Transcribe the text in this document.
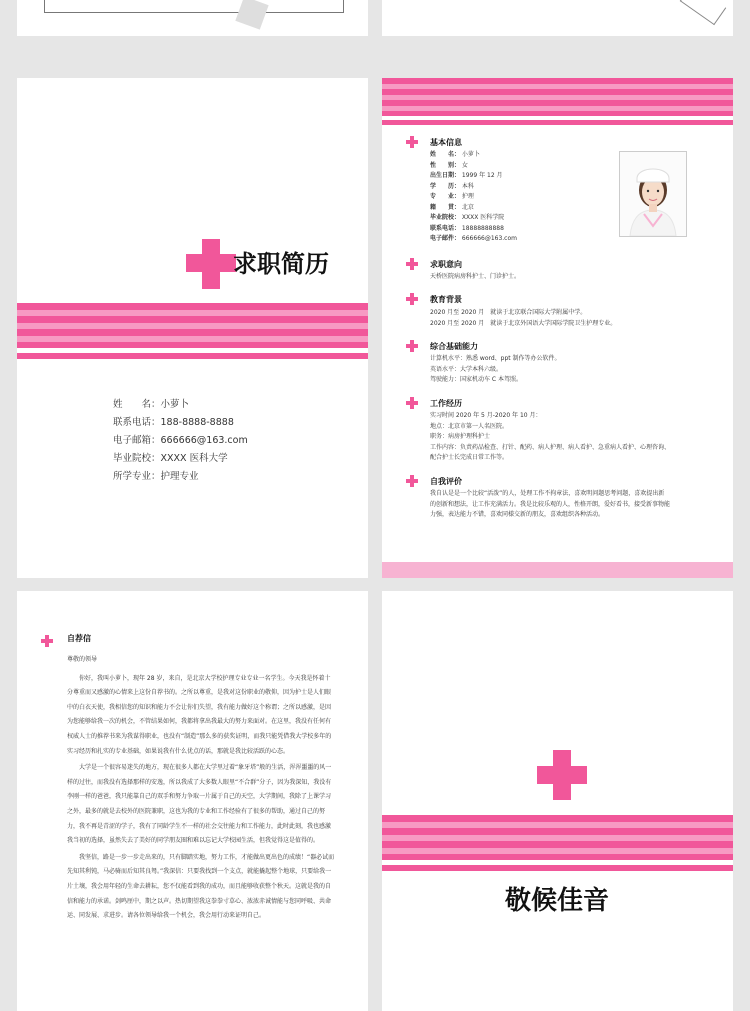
求职简历
姓　　名：小萝卜
联系电话：188-8888-8888
电子邮箱：666666@163.com
毕业院校：XXXX 医科大学
所学专业：护理专业
基本信息
姓　　名： 小萝卜
性　　别： 女
出生日期： 1999 年 12 月
学　　历： 本科
专　　业： 护理
籍　　贯： 北京
毕业院校： XXXX 医科学院
联系电话： 18888888888
电子邮件： 666666@163.com
求职意向
天桥医院病房科护士、门诊护士。
教育背景
2020 月至 2020 月　就读于北京联合国际大学附属中学。
2020 月至 2020 月　就读于北京外国语大学国际学院卫生护理专业。
综合基础能力
计算机水平：熟悉 word、ppt 制作等办公软件。
英语水平：大学本科六级。
驾驶能力：国家机动车 C 本驾照。
工作经历
实习时间 2020 年 5 月-2020 年 10 月：
地点：北京市第一人名医院。
职务：病房护理科护士
工作内容：负责药品检查、打针、配药、病人护理、病人看护、急重病人看护、心理咨询、
配合护士长完成日常工作等。
自我评价
我自认是是一个比较“活泼”的人，处理工作不拘章法，喜欢明问题思考问题，喜欢提出新
的创新和想法，让工作充满活力。我是比较乐观的人，性格开朗，爱好看书，接受新事物能
力强，表达能力不错，喜欢同様交新的朋友，喜欢组织各种活动。
自荐信
尊敬的领导

你好，我叫小萝卜，现年 28 岁，来自，是北京大学校护理专业专业一名学生。今天我是怀着十分尊重而又感激的心情来上这份自荐书的。之所以尊重，是我对这份职业的敬仰，因为护士是人们眼中的白衣天使，我相信您的知识和能力不会让你们失望，我有能力做好这个称谓；之所以感激，是因为您能够给我一次的机会，不管结果如何，我都将拿出我最大的努力来面对。在这里，我没有任何有权威人士的推荐书来为我谋得职业，也没有“制造”那么多的获奖证明，而我只能凭借我大学校多年的实习经历和扎实的专业基础，如果说我有什么优点的话，那就是我比较活跃的心态。

大学是一个很容易迷失的地方，现在很多人都在大学里过着“象牙塔”般的生活，浑浑噩噩的风一样的过往，而我没有选择那样的安逸，所以我成了大多数人眼里“不合群”分子，因为我深知，我没有李刚一样的爸爸，我只能靠自己的双手和努力争取一片属于自己的天空，大学期间，我除了上课学习之外，最多的就是去校外的医院兼职，这也为我的专业和工作经验有了很多的帮助，通过自己的努力，我不再是青涩的学子，我有了同龄学生不一样的社会交往能力和工作能力，此时此刻，我也感激我当初的选择，虽然失去了美好的同学朋友圈和难以忘记大学校园生活，但我觉得这是值得的。

我坚信，路是一步一步走出来的，只有脚踏实地，努力工作，才能做出更出色的成绩！“器必试而先知其利钝，马必骑而后知其良驽。”我深信：只要我找到一个支点，就能撬起整个地球，只要给我一片土壤，我会用年轻的生命去耕耘，您不仅能看到我的成功，而且能够收获整个秋天。这就是我的自信和能力的承诺。剑鸣厘中，期之以声。热切期望我这拳拳寸草心、浓浓赤诚情能与您同呼吸、共命运、同发展、求进步。请各位领导给我一个机会，我会用行动来证明自己。	敬候佳音
